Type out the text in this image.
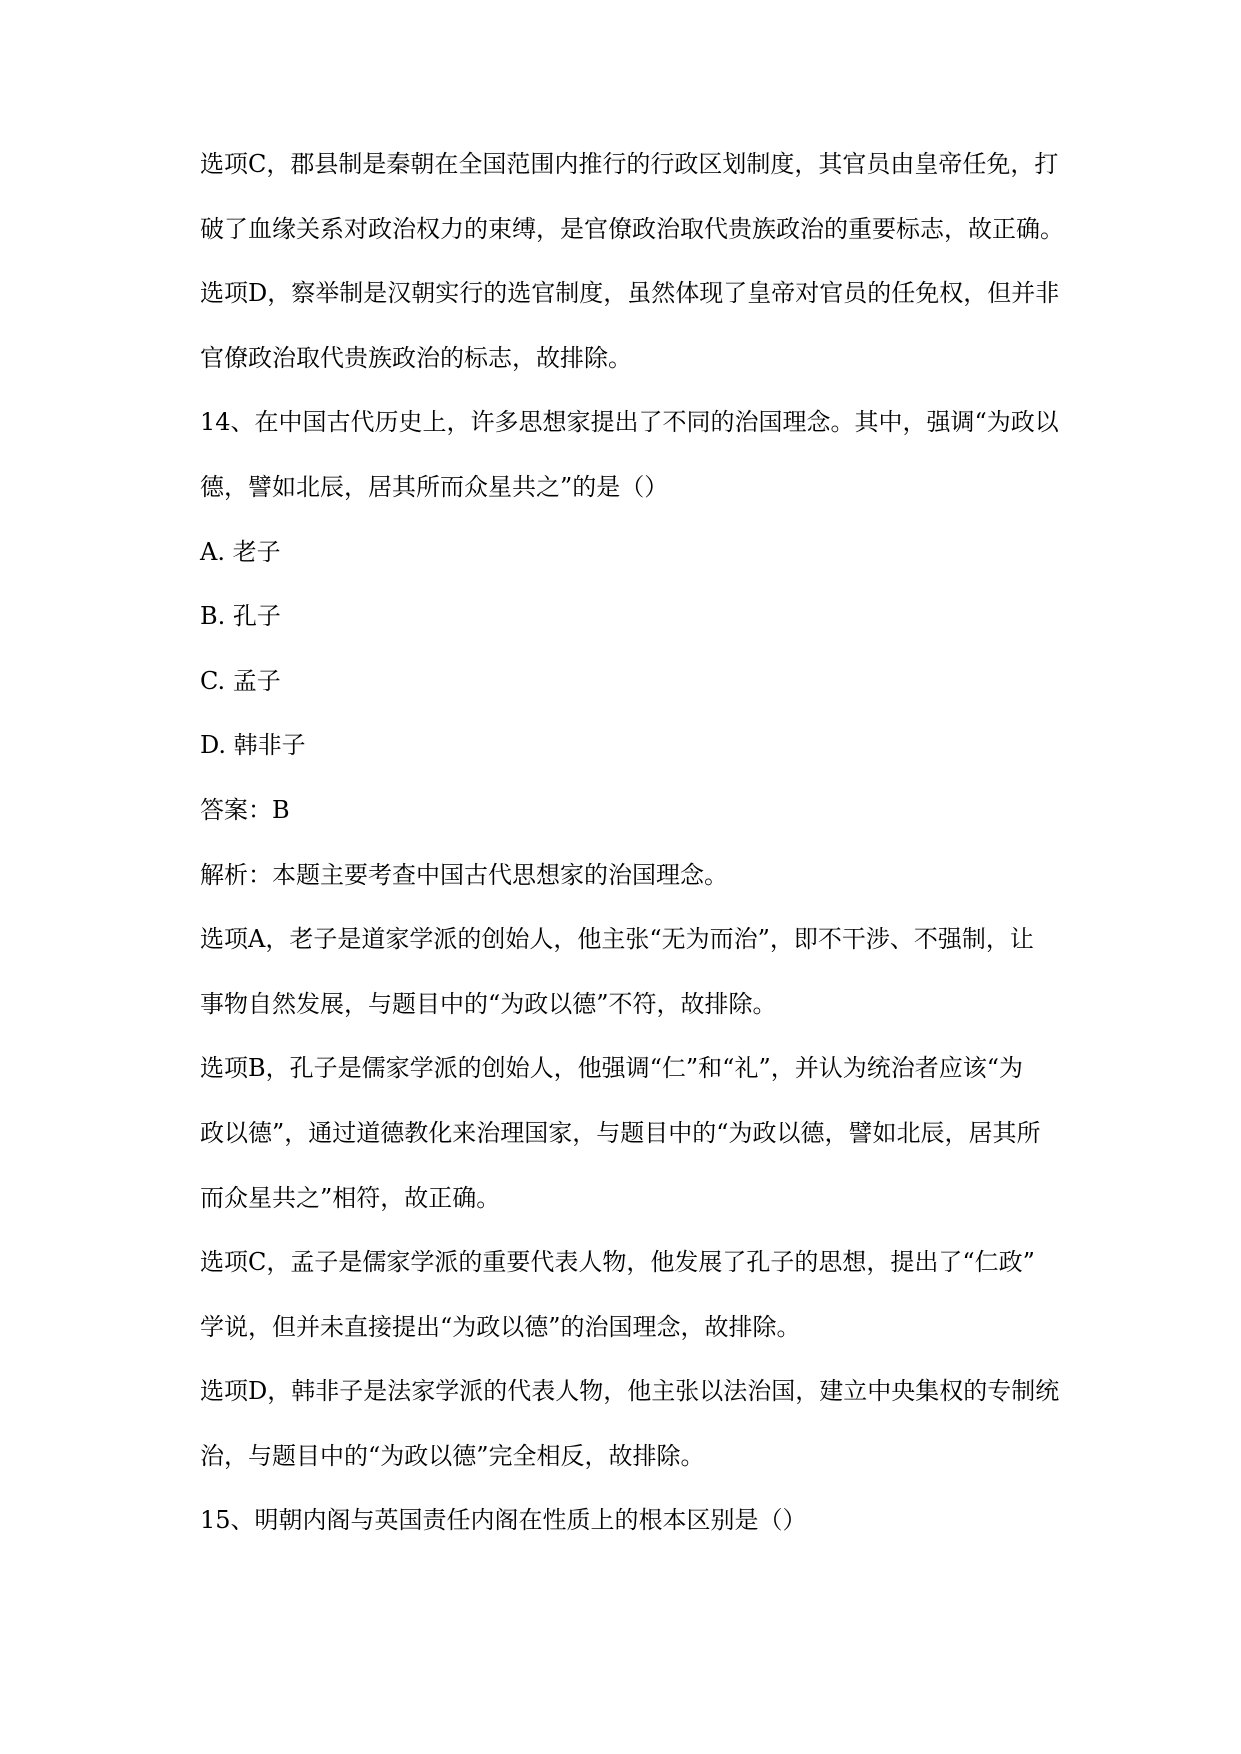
选项C，郡县制是秦朝在全国范围内推行的行政区划制度，其官员由皇帝任免，打
破了血缘关系对政治权力的束缚，是官僚政治取代贵族政治的重要标志，故正确。
选项D，察举制是汉朝实行的选官制度，虽然体现了皇帝对官员的任免权，但并非
官僚政治取代贵族政治的标志，故排除。
14、在中国古代历史上，许多思想家提出了不同的治国理念。其中，强调“为政以
德，譬如北辰，居其所而众星共之”的是（）
A. 老子
B. 孔子
C. 孟子
D. 韩非子
答案：B
解析：本题主要考查中国古代思想家的治国理念。
选项A，老子是道家学派的创始人，他主张“无为而治”，即不干涉、不强制，让
事物自然发展，与题目中的“为政以德”不符，故排除。
选项B，孔子是儒家学派的创始人，他强调“仁”和“礼”，并认为统治者应该“为
政以德”，通过道德教化来治理国家，与题目中的“为政以德，譬如北辰，居其所
而众星共之”相符，故正确。
选项C，孟子是儒家学派的重要代表人物，他发展了孔子的思想，提出了“仁政”
学说，但并未直接提出“为政以德”的治国理念，故排除。
选项D，韩非子是法家学派的代表人物，他主张以法治国，建立中央集权的专制统
治，与题目中的“为政以德”完全相反，故排除。
15、明朝内阁与英国责任内阁在性质上的根本区别是（）
